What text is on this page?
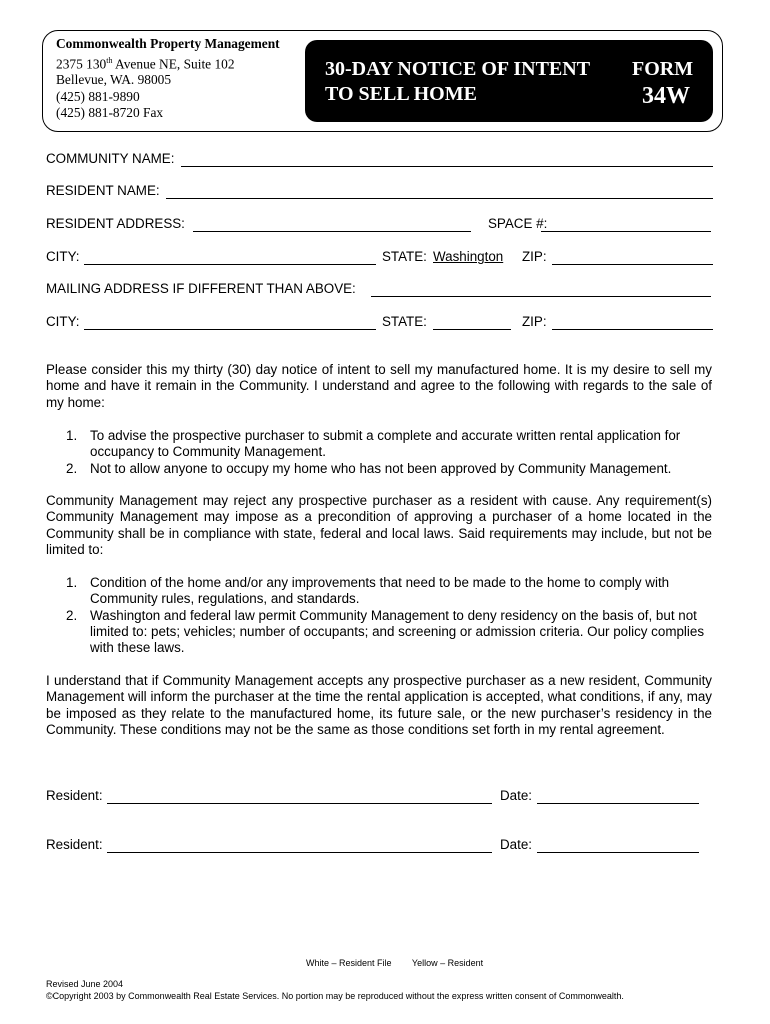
Commonwealth Property Management
2375 130th Avenue NE, Suite 102
Bellevue, WA. 98005
(425) 881-9890
(425) 881-8720 Fax
30-DAY NOTICE OF INTENT
TO SELL HOME
FORM
34W
COMMUNITY NAME:
RESIDENT NAME:
RESIDENT ADDRESS:	SPACE #:
CITY:	STATE: Washington ZIP:
MAILING ADDRESS IF DIFFERENT THAN ABOVE:
CITY:	STATE:	ZIP:
Please consider this my thirty (30) day notice of intent to sell my manufactured home. It is my desire to sell my home and have it remain in the Community. I understand and agree to the following with regards to the sale of my home:
1. To advise the prospective purchaser to submit a complete and accurate written rental application for occupancy to Community Management.
2. Not to allow anyone to occupy my home who has not been approved by Community Management.
Community Management may reject any prospective purchaser as a resident with cause. Any requirement(s) Community Management may impose as a precondition of approving a purchaser of a home located in the Community shall be in compliance with state, federal and local laws. Said requirements may include, but not be limited to:
1. Condition of the home and/or any improvements that need to be made to the home to comply with Community rules, regulations, and standards.
2. Washington and federal law permit Community Management to deny residency on the basis of, but not limited to: pets; vehicles; number of occupants; and screening or admission criteria. Our policy complies with these laws.
I understand that if Community Management accepts any prospective purchaser as a new resident, Community Management will inform the purchaser at the time the rental application is accepted, what conditions, if any, may be imposed as they relate to the manufactured home, its future sale, or the new purchaser’s residency in the Community. These conditions may not be the same as those conditions set forth in my rental agreement.
Resident:	Date:
Resident:	Date:
White – Resident File Yellow – Resident
Revised June 2004
©Copyright 2003 by Commonwealth Real Estate Services. No portion may be reproduced without the express written consent of Commonwealth.
